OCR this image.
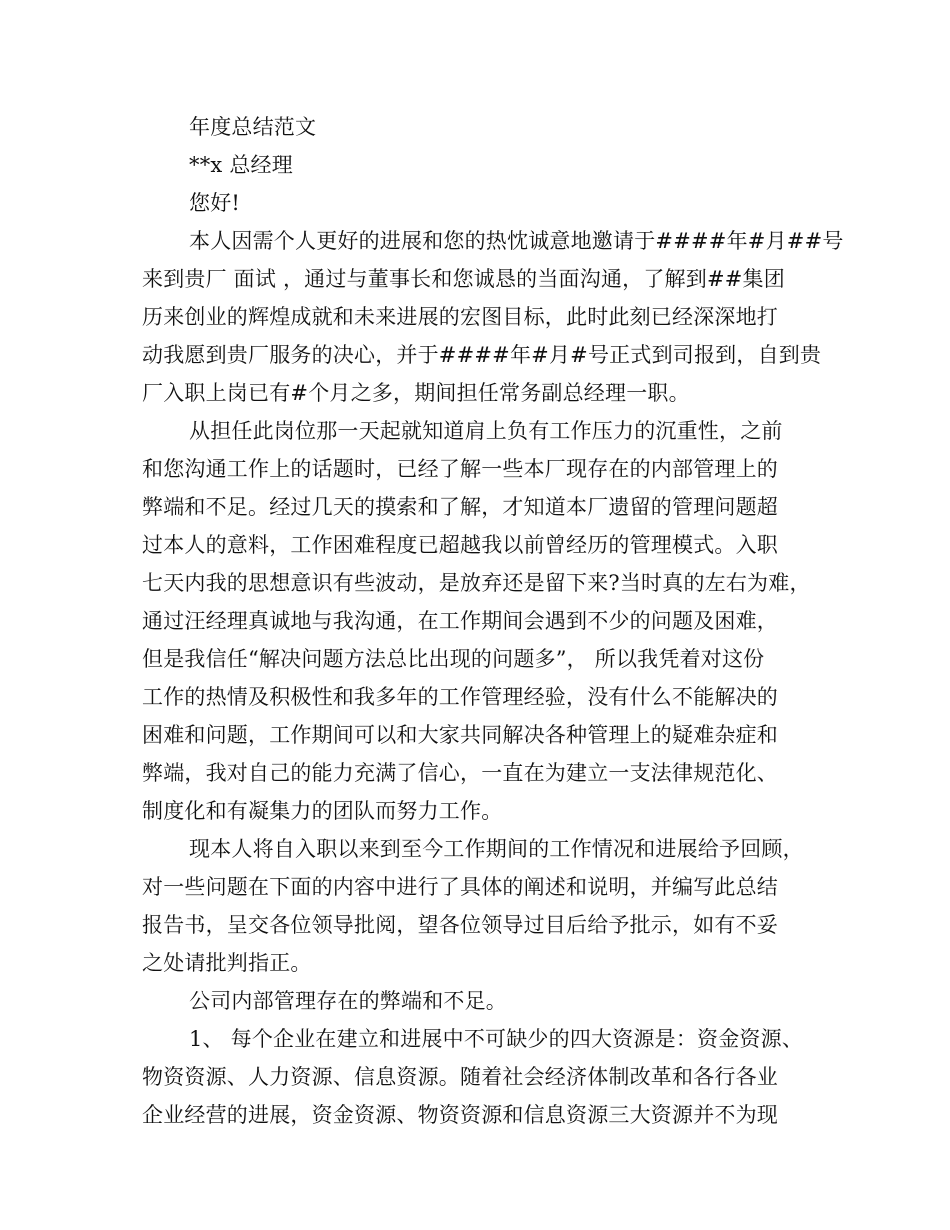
年度总结范文
**x 总经理
您好!
本人因需个人更好的进展和您的热忱诚意地邀请于####年#月##号
来到贵厂 面试 ，通过与董事长和您诚恳的当面沟通，了解到##集团
历来创业的辉煌成就和未来进展的宏图目标，此时此刻已经深深地打
动我愿到贵厂服务的决心，并于####年#月#号正式到司报到，自到贵
厂入职上岗已有#个月之多，期间担任常务副总经理一职。
从担任此岗位那一天起就知道肩上负有工作压力的沉重性，之前
和您沟通工作上的话题时，已经了解一些本厂现存在的内部管理上的
弊端和不足。经过几天的摸索和了解，才知道本厂遗留的管理问题超
过本人的意料，工作困难程度已超越我以前曾经历的管理模式。入职
七天内我的思想意识有些波动，是放弃还是留下来?当时真的左右为难，
通过汪经理真诚地与我沟通，在工作期间会遇到不少的问题及困难，
但是我信任“解决问题方法总比出现的问题多”， 所以我凭着对这份
工作的热情及积极性和我多年的工作管理经验，没有什么不能解决的
困难和问题，工作期间可以和大家共同解决各种管理上的疑难杂症和
弊端，我对自己的能力充满了信心，一直在为建立一支法律规范化、
制度化和有凝集力的团队而努力工作。
现本人将自入职以来到至今工作期间的工作情况和进展给予回顾，
对一些问题在下面的内容中进行了具体的阐述和说明，并编写此总结
报告书，呈交各位领导批阅，望各位领导过目后给予批示，如有不妥
之处请批判指正。
公司内部管理存在的弊端和不足。
1、 每个企业在建立和进展中不可缺少的四大资源是：资金资源、
物资资源、人力资源、信息资源。随着社会经济体制改革和各行各业
企业经营的进展，资金资源、物资资源和信息资源三大资源并不为现
